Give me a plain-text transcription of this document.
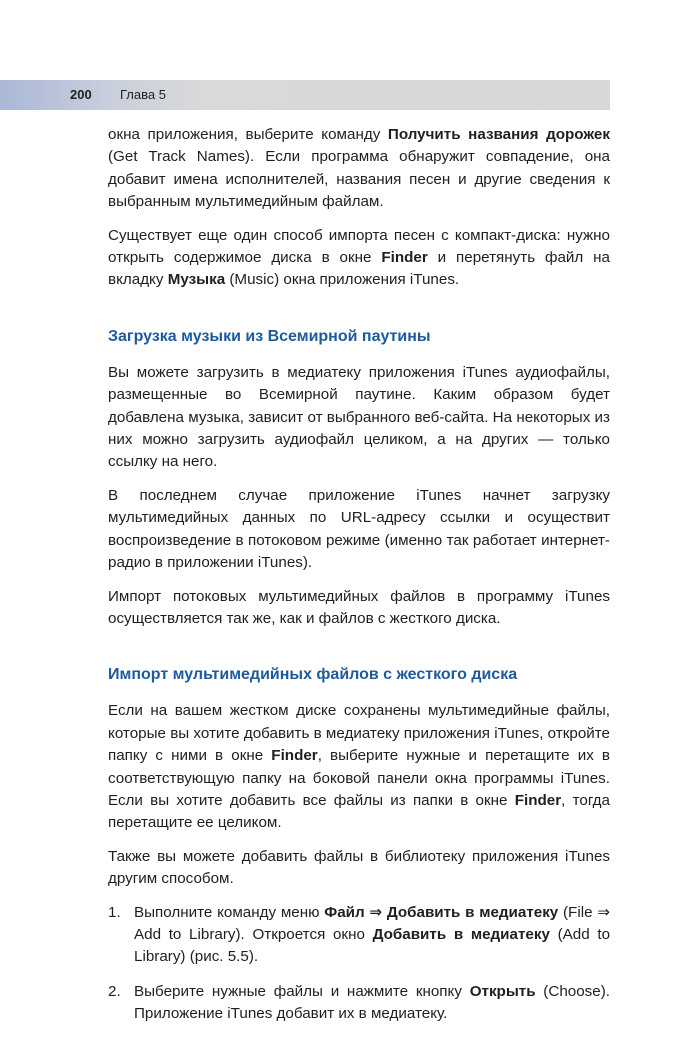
200 Глава 5

окна приложения, выберите команду Получить названия дорожек (Get Track Names). Если программа обнаружит совпадение, она добавит имена исполнителей, названия песен и другие сведения к выбранным мультимедийным файлам.

Существует еще один способ импорта песен с компакт-диска: нужно открыть содержимое диска в окне Finder и перетянуть файл на вкладку Музыка (Music) окна приложения iTunes.

Загрузка музыки из Всемирной паутины

Вы можете загрузить в медиатеку приложения iTunes аудиофайлы, размещенные во Всемирной паутине. Каким образом будет добавлена музыка, зависит от выбранного веб-сайта. На некоторых из них можно загрузить аудиофайл целиком, а на других — только ссылку на него.

В последнем случае приложение iTunes начнет загрузку мультимедийных данных по URL-адресу ссылки и осуществит воспроизведение в потоковом режиме (именно так работает интернет-радио в приложении iTunes).

Импорт потоковых мультимедийных файлов в программу iTunes осуществляется так же, как и файлов с жесткого диска.

Импорт мультимедийных файлов с жесткого диска

Если на вашем жестком диске сохранены мультимедийные файлы, которые вы хотите добавить в медиатеку приложения iTunes, откройте папку с ними в окне Finder, выберите нужные и перетащите их в соответствующую папку на боковой панели окна программы iTunes. Если вы хотите добавить все файлы из папки в окне Finder, тогда перетащите ее целиком.

Также вы можете добавить файлы в библиотеку приложения iTunes другим способом.

1. Выполните команду меню Файл ⇒ Добавить в медиатеку (File ⇒ Add to Library). Откроется окно Добавить в медиатеку (Add to Library) (рис. 5.5).
2. Выберите нужные файлы и нажмите кнопку Открыть (Choose). Приложение iTunes добавит их в медиатеку.
